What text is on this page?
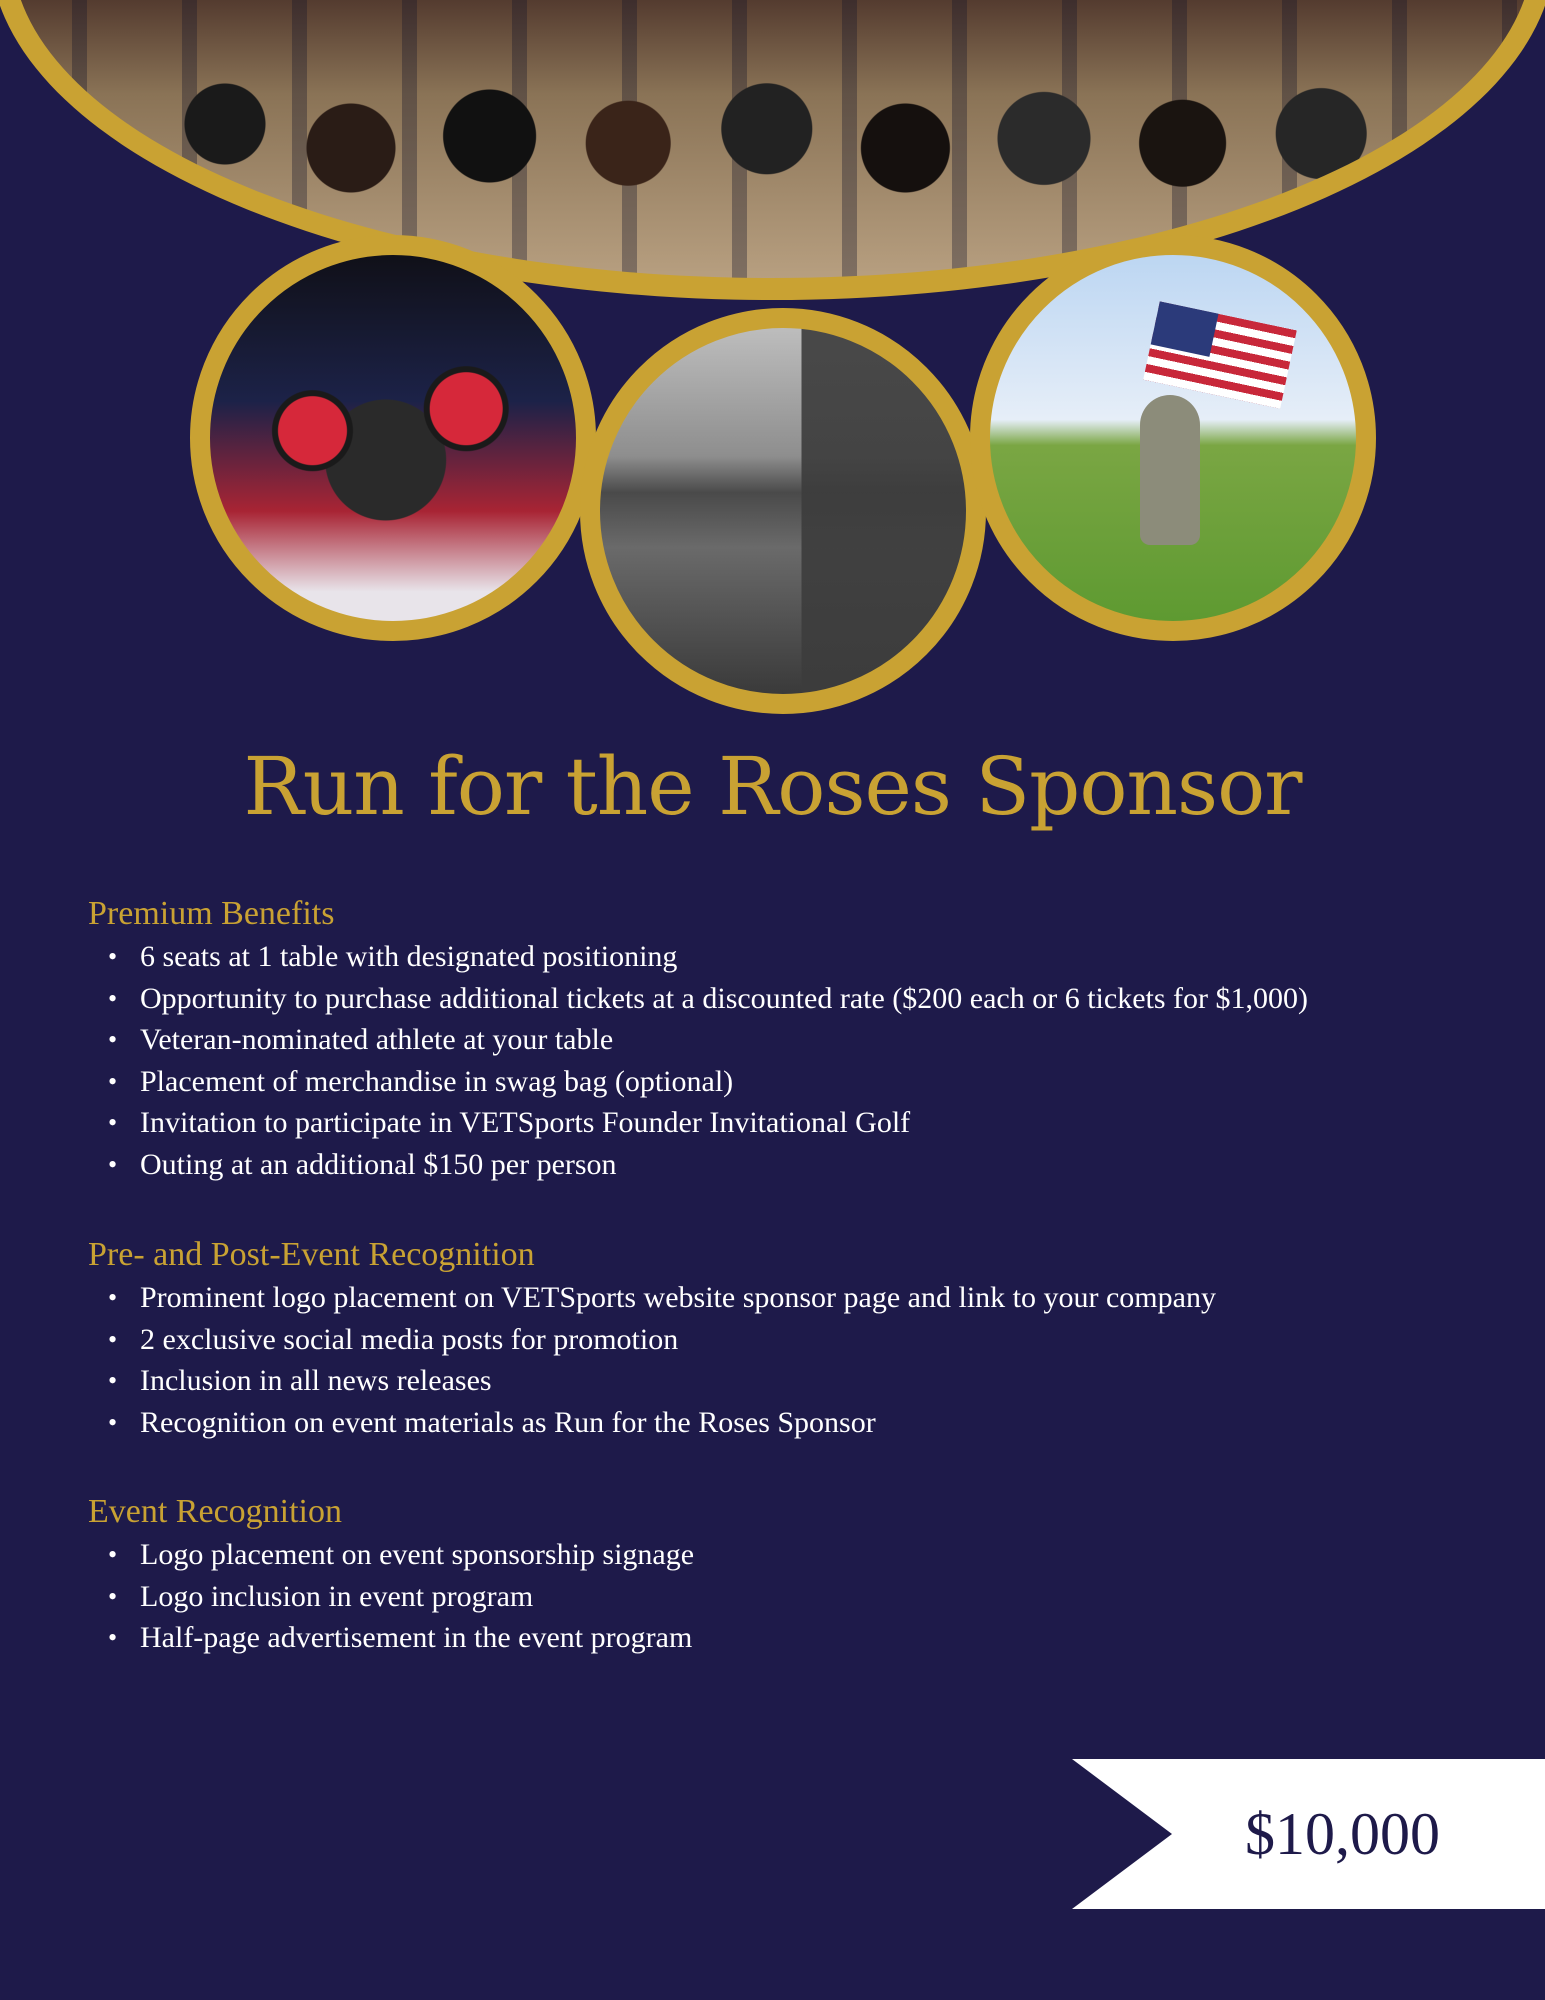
Run for the Roses Sponsor
Premium Benefits
• 6 seats at 1 table with designated positioning
• Opportunity to purchase additional tickets at a discounted rate ($200 each or 6 tickets for $1,000)
• Veteran-nominated athlete at your table
• Placement of merchandise in swag bag (optional)
• Invitation to participate in VETSports Founder Invitational Golf
• Outing at an additional $150 per person
Pre- and Post-Event Recognition
• Prominent logo placement on VETSports website sponsor page and link to your company
• 2 exclusive social media posts for promotion
• Inclusion in all news releases
• Recognition on event materials as Run for the Roses Sponsor
Event Recognition
• Logo placement on event sponsorship signage
• Logo inclusion in event program
• Half-page advertisement in the event program
$10,000
